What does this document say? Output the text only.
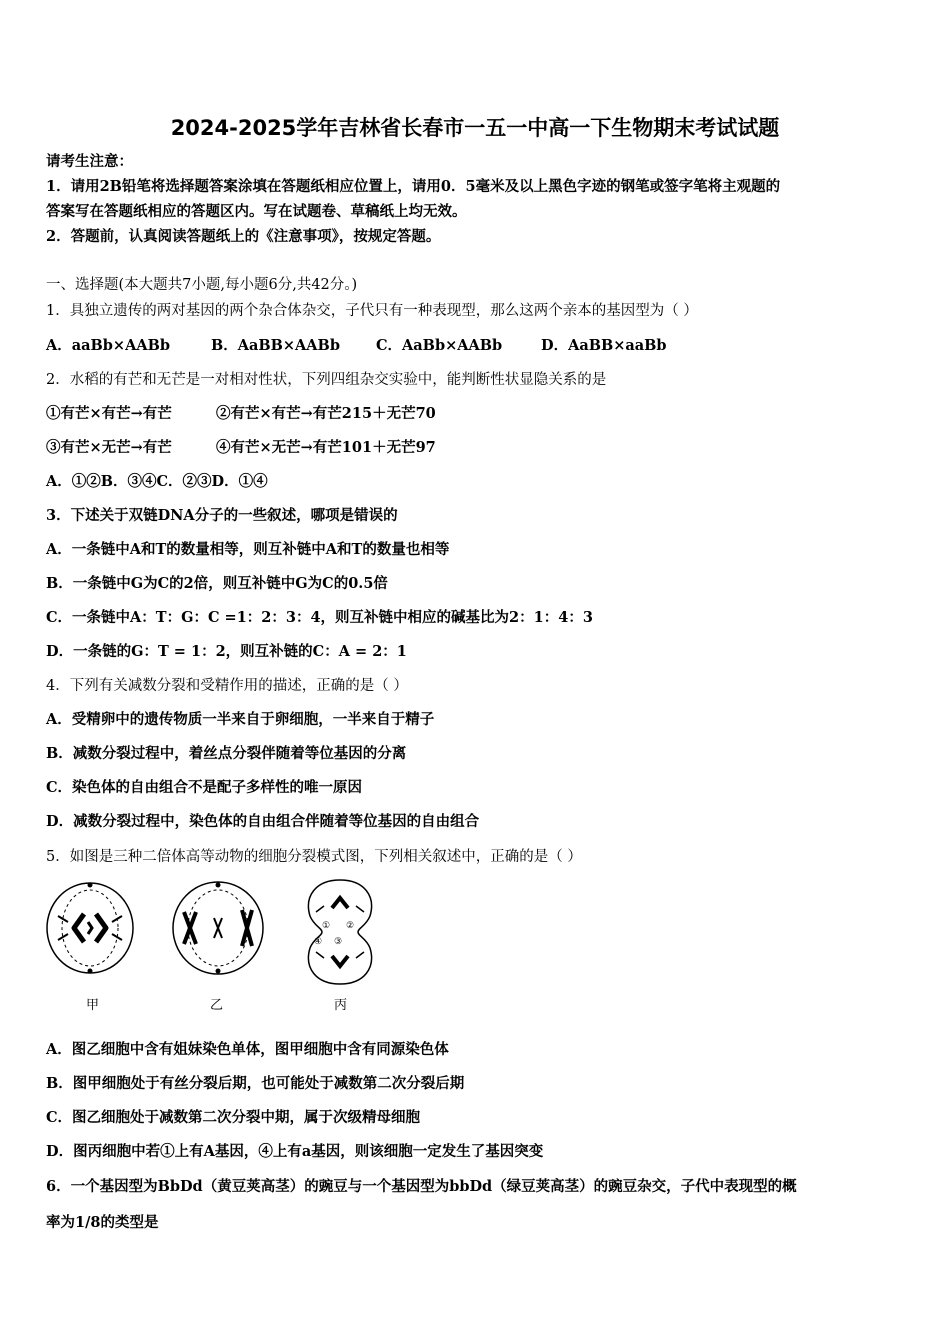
2024-2025学年吉林省长春市一五一中高一下生物期末考试试题
请考生注意：
1．请用2B铅笔将选择题答案涂填在答题纸相应位置上，请用0．5毫米及以上黑色字迹的钢笔或签字笔将主观题的
答案写在答题纸相应的答题区内。写在试题卷、草稿纸上均无效。
2．答题前，认真阅读答题纸上的《注意事项》，按规定答题。
一、选择题(本大题共7小题,每小题6分,共42分。)
1．具独立遗传的两对基因的两个杂合体杂交，子代只有一种表现型，那么这两个亲本的基因型为（ ）
A．aaBb×AABb	B．AaBB×AABb C．AaBb×AABb	D．AaBB×aaBb
2．水稻的有芒和无芒是一对相对性状，下列四组杂交实验中，能判断性状显隐关系的是
①有芒×有芒→有芒	②有芒×有芒→有芒215＋无芒70
③有芒×无芒→有芒	④有芒×无芒→有芒101＋无芒97
A．①②B．③④C．②③D．①④
3．下述关于双链DNA分子的一些叙述，哪项是错误的
A．一条链中A和T的数量相等，则互补链中A和T的数量也相等
B．一条链中G为C的2倍，则互补链中G为C的0.5倍
C．一条链中A：T：G：C =1：2：3：4，则互补链中相应的碱基比为2：1：4：3
D．一条链的G：T = 1：2，则互补链的C：A = 2：1
4．下列有关减数分裂和受精作用的描述，正确的是（ ）
A．受精卵中的遗传物质一半来自于卵细胞，一半来自于精子
B．减数分裂过程中，着丝点分裂伴随着等位基因的分离
C．染色体的自由组合不是配子多样性的唯一原因
D．减数分裂过程中，染色体的自由组合伴随着等位基因的自由组合
5．如图是三种二倍体高等动物的细胞分裂模式图，下列相关叙述中，正确的是（ ）
① ②
③
④
甲	乙	丙
A．图乙细胞中含有姐妹染色单体，图甲细胞中含有同源染色体
B．图甲细胞处于有丝分裂后期，也可能处于减数第二次分裂后期
C．图乙细胞处于减数第二次分裂中期，属于次级精母细胞
D．图丙细胞中若①上有A基因，④上有a基因，则该细胞一定发生了基因突变
6．一个基因型为BbDd（黄豆荚高茎）的豌豆与一个基因型为bbDd（绿豆荚高茎）的豌豆杂交，子代中表现型的概
率为1/8的类型是
